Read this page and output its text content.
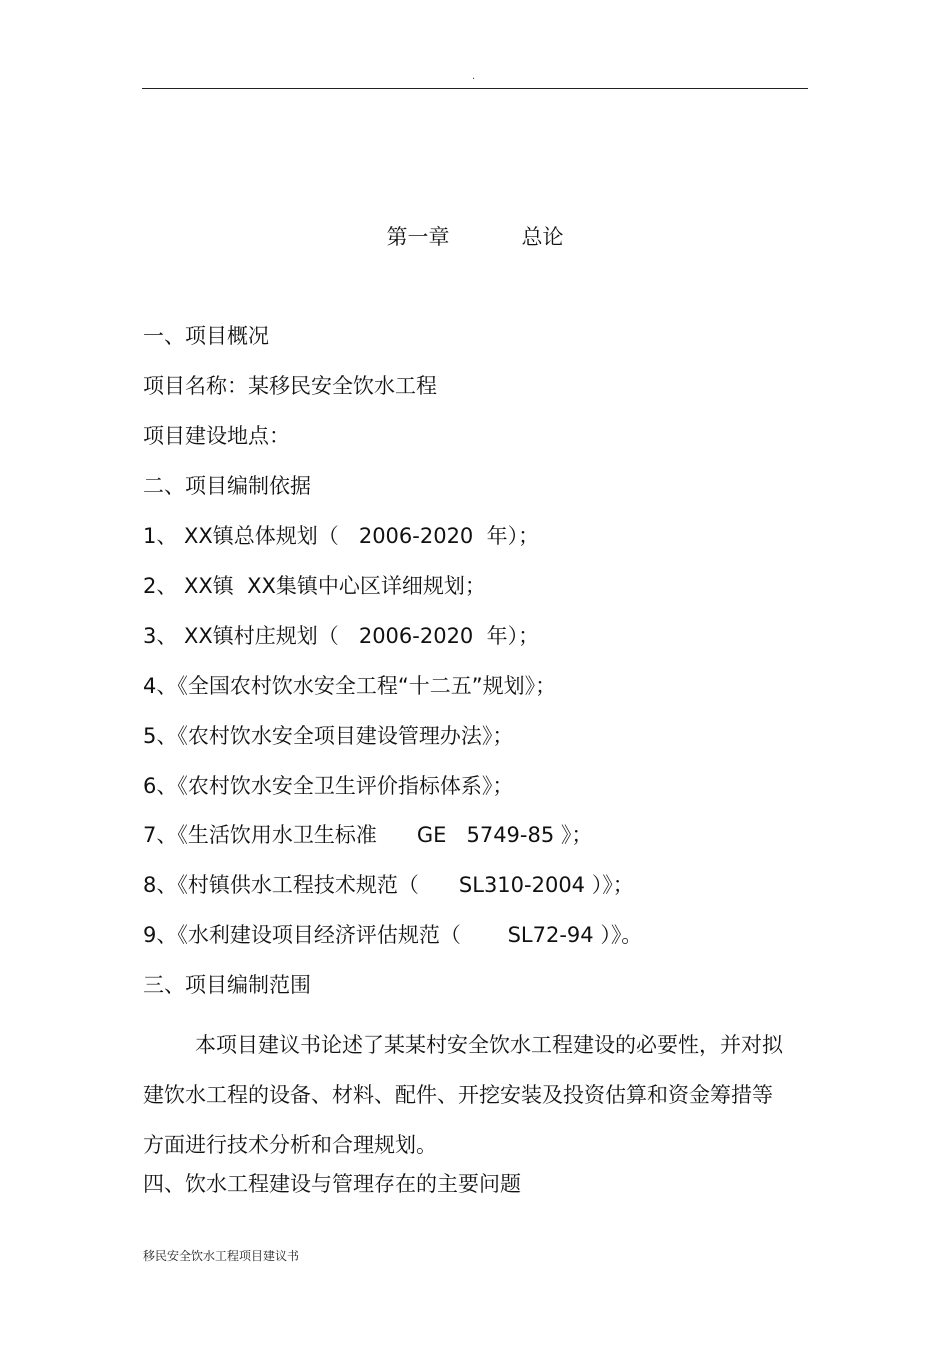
.
第一章	总论
一、项目概况
项目名称：某移民安全饮水工程
项目建设地点：
二、项目编制依据
1、 XX镇总体规划（   2006-2020  年）；
2、 XX镇  XX集镇中心区详细规划；
3、 XX镇村庄规划（   2006-2020  年）；
4、《全国农村饮水安全工程“十二五”规划》；
5、《农村饮水安全项目建设管理办法》；
6、《农村饮水安全卫生评价指标体系》；
7、《生活饮用水卫生标准      GE   5749-85 》；
8、《村镇供水工程技术规范（      SL310-2004 ）》；
9、《水利建设项目经济评估规范（       SL72-94 ）》。
三、项目编制范围
本项目建议书论述了某某村安全饮水工程建设的必要性，并对拟建饮水工程的设备、材料、配件、开挖安装及投资估算和资金筹措等方面进行技术分析和合理规划。
四、饮水工程建设与管理存在的主要问题
移民安全饮水工程项目建议书
